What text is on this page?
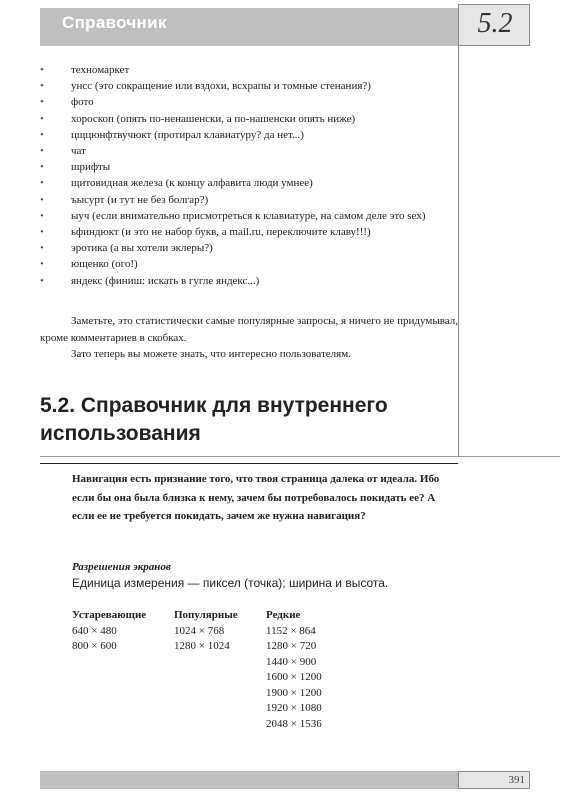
Справочник	5.2
• техномаркет
• унсс (это сокращение или вздохи, всхрапы и томные стенания?)
• фото
• хороскоп (опять по-ненашенски, а по-нашенски опять ниже)
• цщцюнфтвучюкт (протирал клавиатуру? да нет...)
• чат
• шрифты
• щитовидная железа (к концу алфавита люди умнее)
• ъысурт (и тут не без болгар?)
• ыуч (если внимательно присмотреться к клавиатуре, на самом деле это sex)
• ьфиндюкт (и это не набор букв, а mail.ru, переключите клаву!!!)
• эротика (а вы хотели эклеры?)
• ющенко (ого!)
• яндекс (финиш: искать в гугле яндекс...)

Заметьте, это статистически самые популярные запросы, я ничего не придумывал, кроме комментариев в скобках.

Зато теперь вы можете знать, что интересно пользователям.

5.2. Справочник для внутреннего использования

Навигация есть признание того, что твоя страница далека от идеала. Ибо если бы она была близка к нему, зачем бы потребовалось покидать ее? А если ее не требуется покидать, зачем же нужна навигация?

Разрешения экранов
Единица измерения — пиксел (точка); ширина и высота.
Устаревающие
640 × 480
800 × 600
Популярные
1024 × 768
1280 × 1024
Редкие
1152 × 864
1280 × 720
1440 × 900
1600 × 1200
1900 × 1200
1920 × 1080
2048 × 1536
391
